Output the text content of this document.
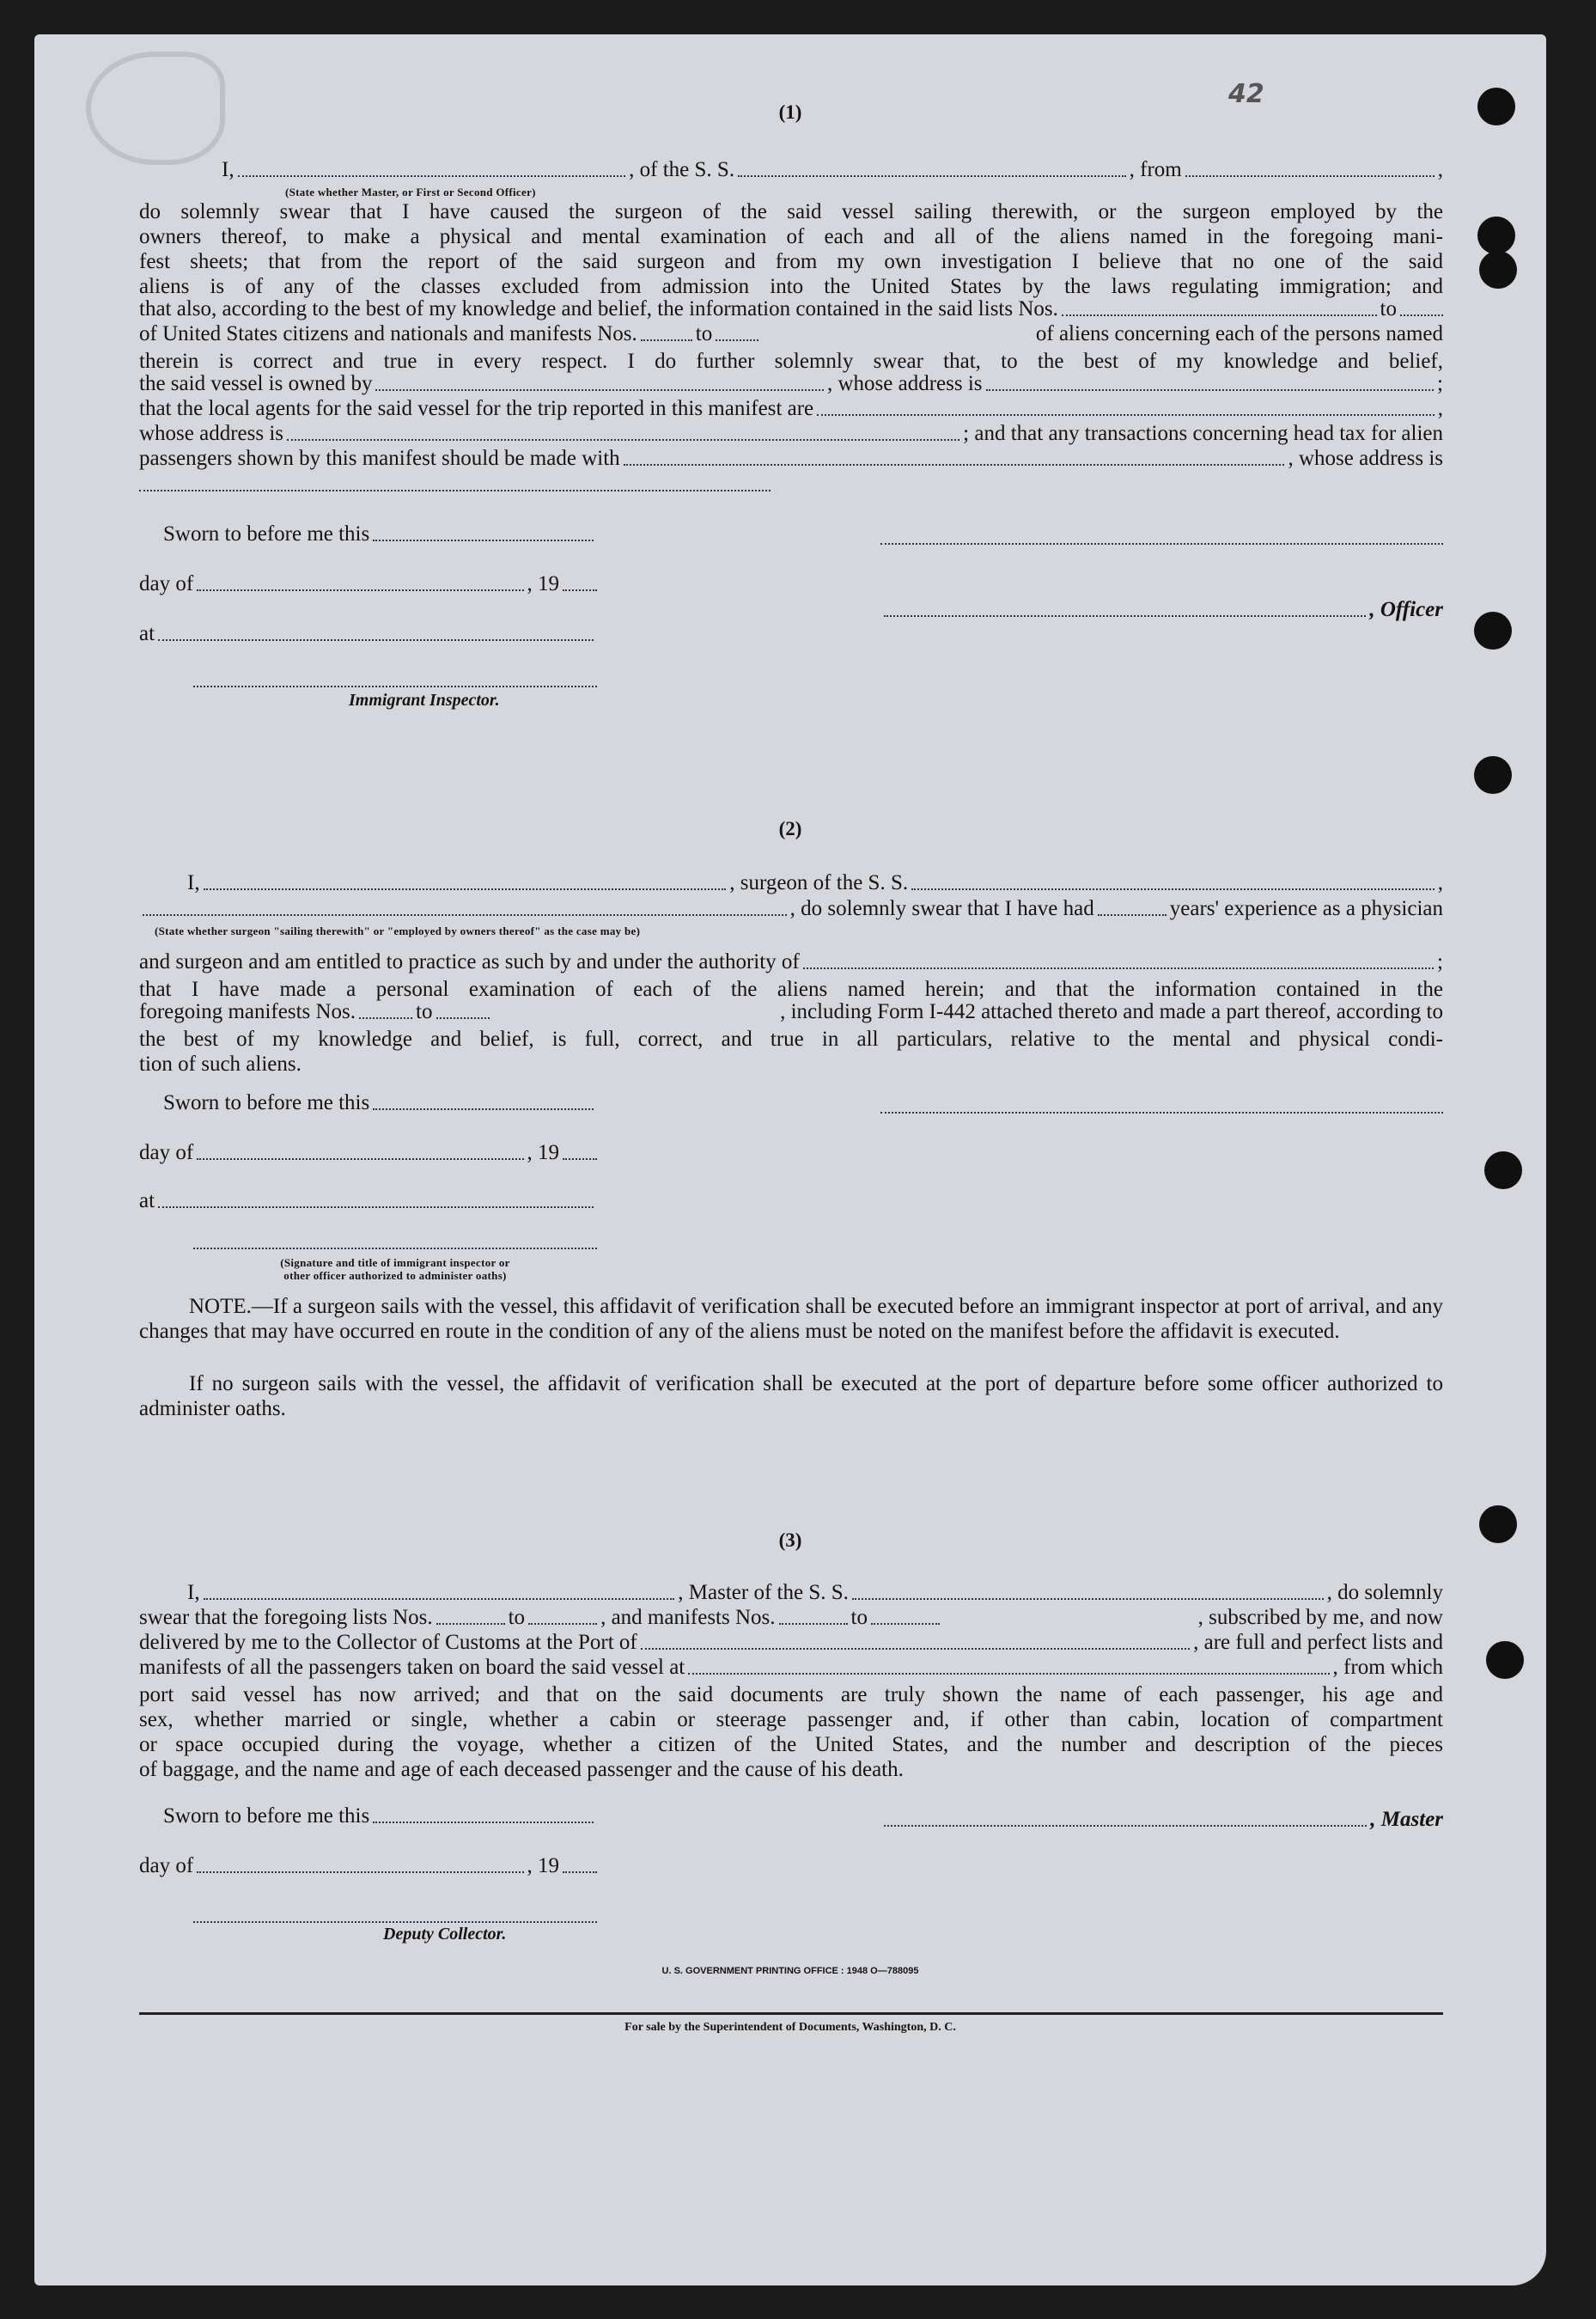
42
(1)
I,	, of the S. S.	, from	,
(State whether Master, or First or Second Officer)
do solemnly swear that I have caused the surgeon of the said vessel sailing therewith, or the surgeon employed by the
owners thereof, to make a physical and mental examination of each and all of the aliens named in the foregoing mani-
fest sheets; that from the report of the said surgeon and from my own investigation I believe that no one of the said
aliens is of any of the classes excluded from admission into the United States by the laws regulating immigration; and
that also, according to the best of my knowledge and belief, the information contained in the said lists Nos.	to
of United States citizens and nationals and manifests Nos.	to	of aliens concerning each of the persons named
therein is correct and true in every respect. I do further solemnly swear that, to the best of my knowledge and belief,
the said vessel is owned by	, whose address is	;
that the local agents for the said vessel for the trip reported in this manifest are	,
whose address is	; and that any transactions concerning head tax for alien
passengers shown by this manifest should be made with	, whose address is
Sworn to before me this
day of	, 19
, Officer
at
Immigrant Inspector.
(2)
I,	, surgeon of the S. S.	,
, do solemnly swear that I have had	years' experience as a physician
(State whether surgeon "sailing therewith" or "employed by owners thereof" as the case may be)
and surgeon and am entitled to practice as such by and under the authority of	;
that I have made a personal examination of each of the aliens named herein; and that the information contained in the
foregoing manifests Nos.	to	, including Form I-442 attached thereto and made a part thereof, according to
the best of my knowledge and belief, is full, correct, and true in all particulars, relative to the mental and physical condi-
tion of such aliens.
Sworn to before me this
day of	, 19
at
(Signature and title of immigrant inspector or
other officer authorized to administer oaths)
NOTE.—If a surgeon sails with the vessel, this affidavit of verification shall be executed before an immigrant inspector at port of arrival, and any changes that may have occurred en route in the condition of any of the aliens must be noted on the manifest before the affidavit is executed.
If no surgeon sails with the vessel, the affidavit of verification shall be executed at the port of departure before some officer authorized to administer oaths.
(3)
I,	, Master of the S. S.	, do solemnly
swear that the foregoing lists Nos.	to	, and manifests Nos.	to	, subscribed by me, and now
delivered by me to the Collector of Customs at the Port of	, are full and perfect lists and
manifests of all the passengers taken on board the said vessel at	, from which
port said vessel has now arrived; and that on the said documents are truly shown the name of each passenger, his age and
sex, whether married or single, whether a cabin or steerage passenger and, if other than cabin, location of compartment
or space occupied during the voyage, whether a citizen of the United States, and the number and description of the pieces
of baggage, and the name and age of each deceased passenger and the cause of his death.
Sworn to before me this	, Master
day of	, 19
Deputy Collector.
U. S. GOVERNMENT PRINTING OFFICE : 1948 O—788095
For sale by the Superintendent of Documents, Washington, D. C.
